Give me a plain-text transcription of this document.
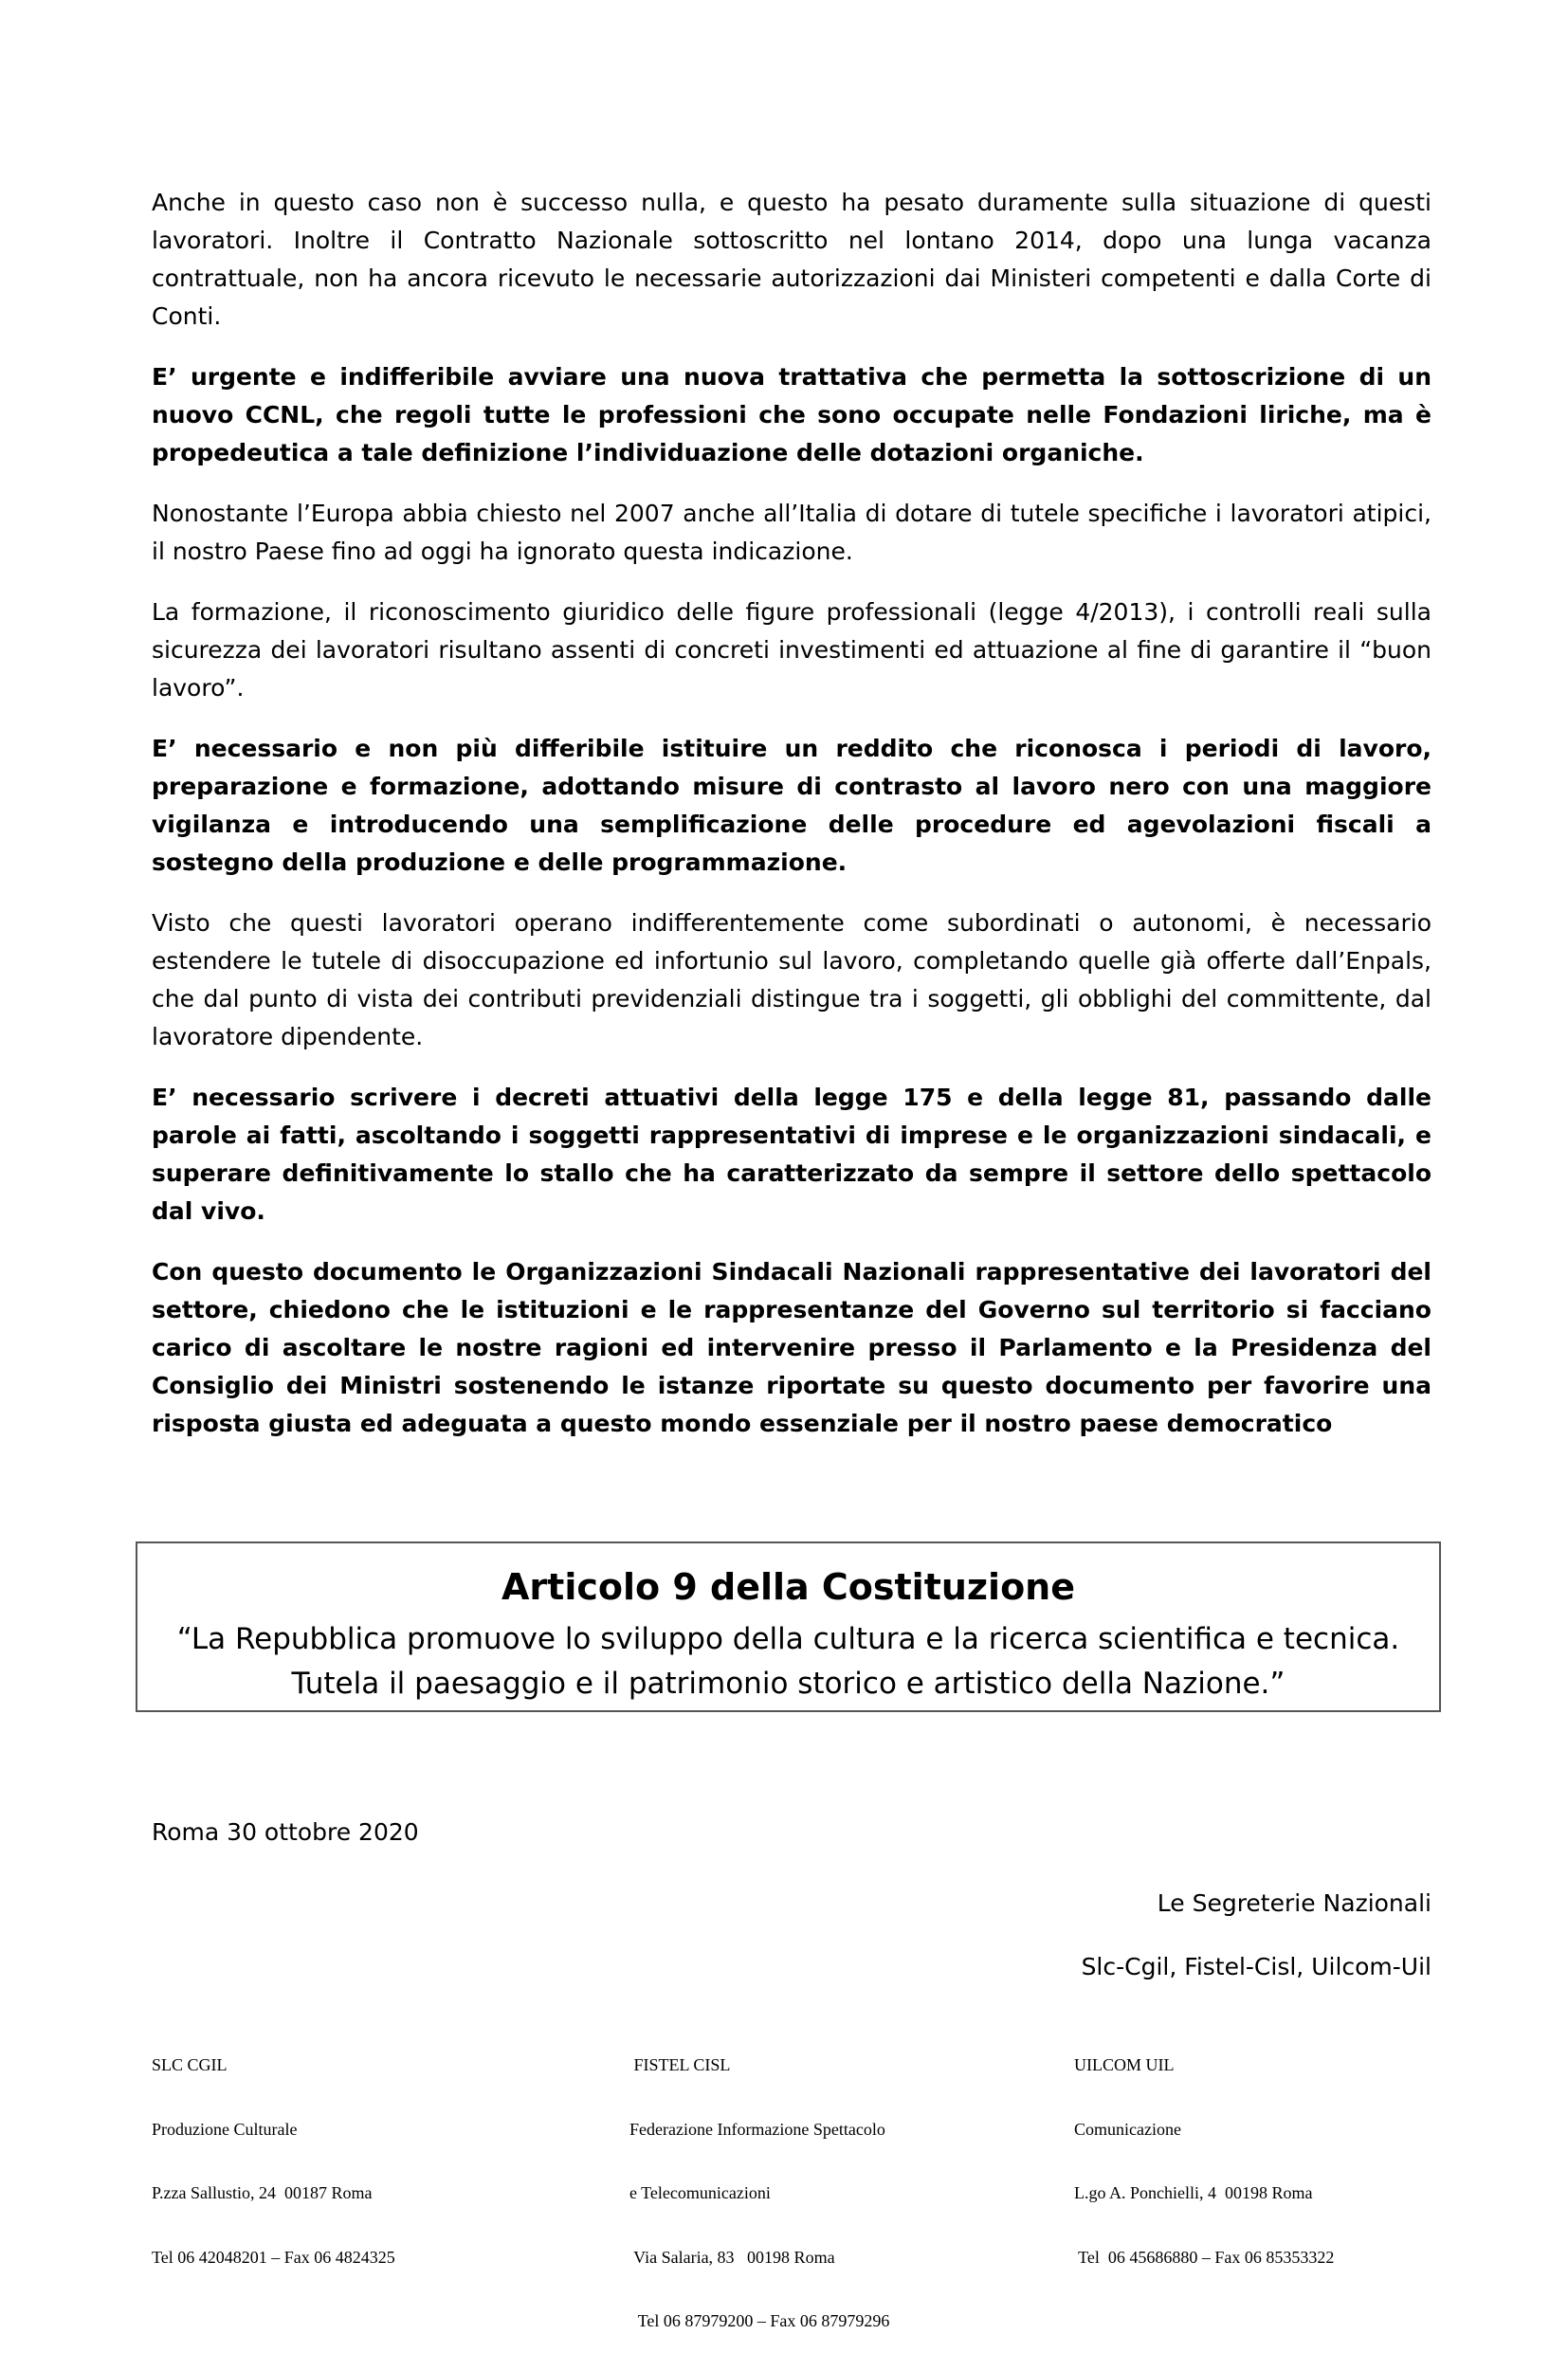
Anche in questo caso non è successo nulla, e questo ha pesato duramente sulla situazione di questi lavoratori. Inoltre il Contratto Nazionale sottoscritto nel lontano 2014, dopo una lunga vacanza contrattuale, non ha ancora ricevuto le necessarie autorizzazioni dai Ministeri competenti e dalla Corte di Conti.

E’ urgente e indifferibile avviare una nuova trattativa che permetta la sottoscrizione di un nuovo CCNL, che regoli tutte le professioni che sono occupate nelle Fondazioni liriche, ma è propedeutica a tale definizione l’individuazione delle dotazioni organiche.

Nonostante l’Europa abbia chiesto nel 2007 anche all’Italia di dotare di tutele specifiche i lavoratori atipici, il nostro Paese fino ad oggi ha ignorato questa indicazione.

La formazione, il riconoscimento giuridico delle figure professionali (legge 4/2013), i controlli reali sulla sicurezza dei lavoratori risultano assenti di concreti investimenti ed attuazione al fine di garantire il “buon lavoro”.

E’ necessario e non più differibile istituire un reddito che riconosca i periodi di lavoro, preparazione e formazione, adottando misure di contrasto al lavoro nero con una maggiore vigilanza e introducendo una semplificazione delle procedure ed agevolazioni fiscali a sostegno della produzione e delle programmazione.

Visto che questi lavoratori operano indifferentemente come subordinati o autonomi, è necessario estendere le tutele di disoccupazione ed infortunio sul lavoro, completando quelle già offerte dall’Enpals, che dal punto di vista dei contributi previdenziali distingue tra i soggetti, gli obblighi del committente, dal lavoratore dipendente.

E’ necessario scrivere i decreti attuativi della legge 175 e della legge 81, passando dalle parole ai fatti, ascoltando i soggetti rappresentativi di imprese e le organizzazioni sindacali, e superare definitivamente lo stallo che ha caratterizzato da sempre il settore dello spettacolo dal vivo.

Con questo documento le Organizzazioni Sindacali Nazionali rappresentative dei lavoratori del settore, chiedono che le istituzioni e le rappresentanze del Governo sul territorio si facciano carico di ascoltare le nostre ragioni ed intervenire presso il Parlamento e la Presidenza del Consiglio dei Ministri sostenendo le istanze riportate su questo documento per favorire una risposta giusta ed adeguata a questo mondo essenziale per il nostro paese democratico

Articolo 9 della Costituzione
“La Repubblica promuove lo sviluppo della cultura e la ricerca scientifica e tecnica.
Tutela il paesaggio e il patrimonio storico e artistico della Nazione.”
Roma 30 ottobre 2020
Le Segreterie Nazionali
Slc-Cgil, Fistel-Cisl, Uilcom-Uil

SLC CGIL

Produzione Culturale

P.zza Sallustio, 24  00187 Roma

Tel 06 42048201 – Fax 06 4824325

FISTEL CISL

Federazione Informazione Spettacolo

e Telecomunicazioni

Via Salaria, 83   00198 Roma

Tel 06 87979200 – Fax 06 87979296

UILCOM UIL

Comunicazione

L.go A. Ponchielli, 4  00198 Roma

Tel  06 45686880 – Fax 06 85353322
